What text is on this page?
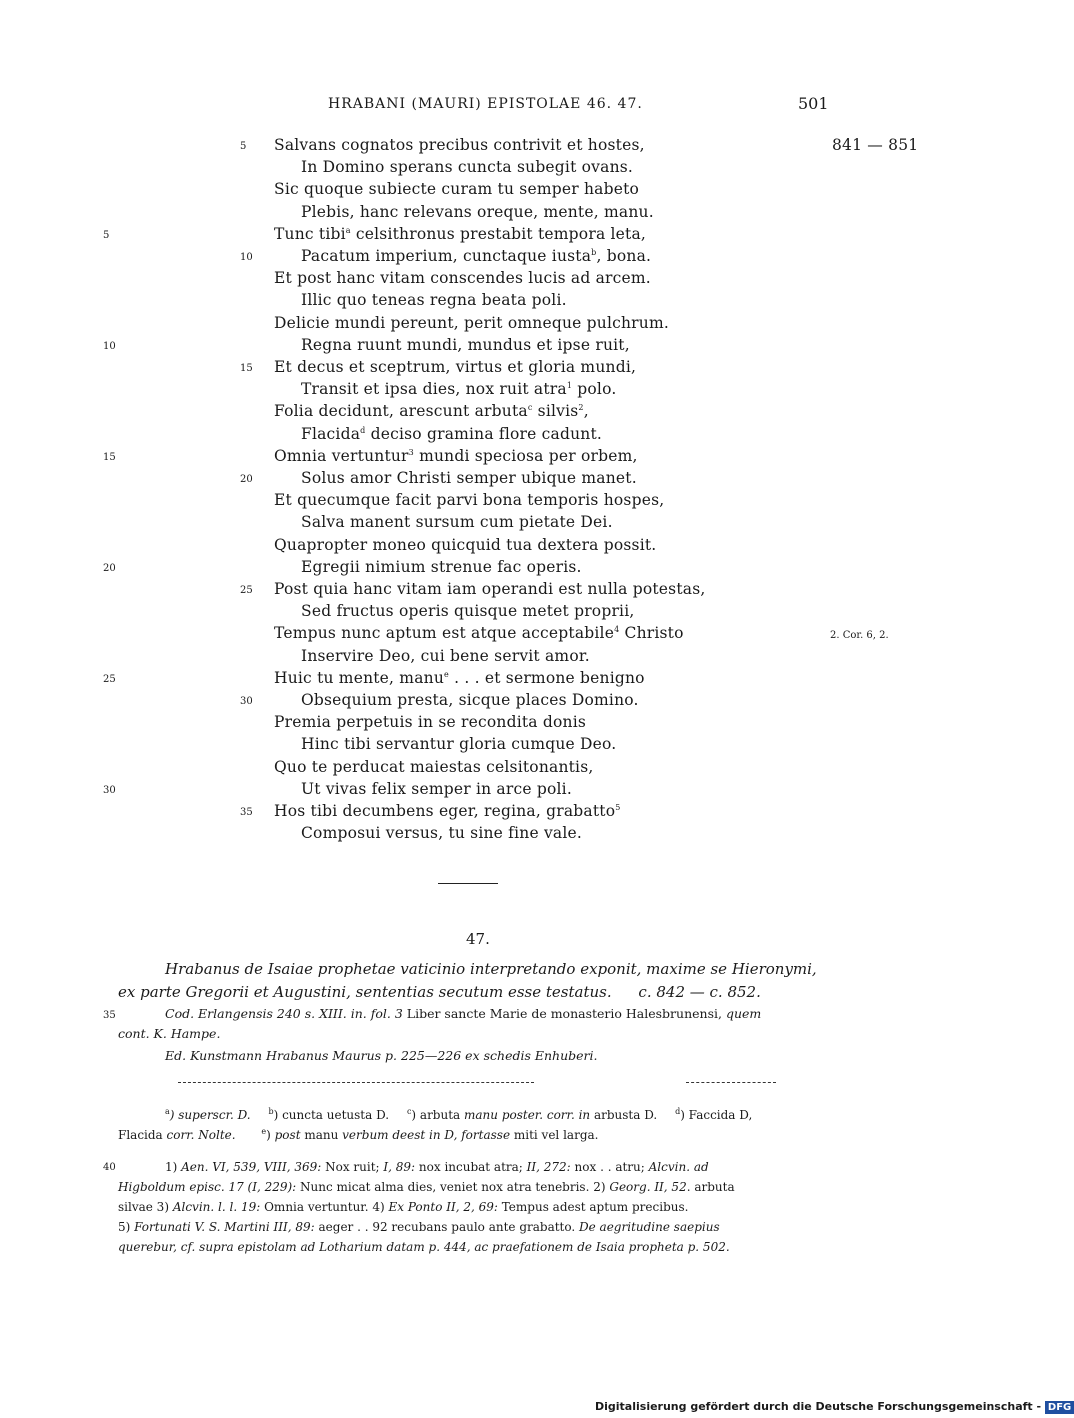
HRABANI (MAURI) EPISTOLAE 46. 47.	501
841 — 851
2. Cor. 6, 2.
Salvans cognatos precibus contrivit et hostes,
5
In Domino sperans cuncta subegit ovans.
Sic quoque subiecte curam tu semper habeto
Plebis, hanc relevans oreque, mente, manu.
Tunc tibi$^a$ celsithronus prestabit tempora leta,
5
Pacatum imperium, cunctaque iusta$^b$, bona.
10
Et post hanc vitam conscendes lucis ad arcem.
Illic quo teneas regna beata poli.
Delicie mundi pereunt, perit omneque pulchrum.
Regna ruunt mundi, mundus et ipse ruit,
10
Et decus et sceptrum, virtus et gloria mundi,
15
Transit et ipsa dies, nox ruit atra$^1$ polo.
Folia decidunt, arescunt arbuta$^c$ silvis$^2$,
Flacida$^d$ deciso gramina flore cadunt.
Omnia vertuntur$^3$ mundi speciosa per orbem,
15
Solus amor Christi semper ubique manet.
20
Et quecumque facit parvi bona temporis hospes,
Salva manent sursum cum pietate Dei.
Quapropter moneo quicquid tua dextera possit.
Egregii nimium strenue fac operis.
20
Post quia hanc vitam iam operandi est nulla potestas,
25
Sed fructus operis quisque metet proprii,
Tempus nunc aptum est atque acceptabile$^4$ Christo
Inservire Deo, cui bene servit amor.
Huic tu mente, manu$^e$ . . . et sermone benigno
25
Obsequium presta, sicque places Domino.
30
Premia perpetuis in se recondita donis
Hinc tibi servantur gloria cumque Deo.
Quo te perducat maiestas celsitonantis,
Ut vivas felix semper in arce poli.
30
Hos tibi decumbens eger, regina, grabatto$^5$
35
Composui versus, tu sine fine vale.
47.
Hrabanus de Isaiae prophetae vaticinio interpretando exponit, maxime se Hieronymi,
ex parte Gregorii et Augustini, sententias secutum esse testatus. c. 842 — c. 852.
35	Cod. Erlangensis 240 s. XIII. in. fol. 3 Liber sancte Marie de monasterio Halesbrunensi, quem
cont. K. Hampe.
Ed. Kunstmann Hrabanus Maurus p. 225—226 ex schedis Enhuberi.
$^a$) superscr. D. $^b$) cuncta uetusta D. $^c$) arbuta manu poster. corr. in arbusta D. $^d$) Faccida D,
Flacida corr. Nolte.	$^e$) post manu verbum deest in D, fortasse miti vel larga.
40	1) Aen. VI, 539, VIII, 369: Nox ruit; I, 89: nox incubat atra; II, 272: nox . . atru; Alcvin. ad
Higboldum episc. 17 (I, 229): Nunc micat alma dies, veniet nox atra tenebris. 2) Georg. II, 52. arbuta
silvae 3) Alcvin. l. l. 19: Omnia vertuntur. 4) Ex Ponto II, 2, 69: Tempus adest aptum precibus.
5) Fortunati V. S. Martini III, 89: aeger . . 92 recubans paulo ante grabatto. De aegritudine saepius
querebur, cf. supra epistolam ad Lotharium datam p. 444, ac praefationem de Isaia propheta p. 502.
Digitalisierung gefördert durch die Deutsche Forschungsgemeinschaft - DFG
